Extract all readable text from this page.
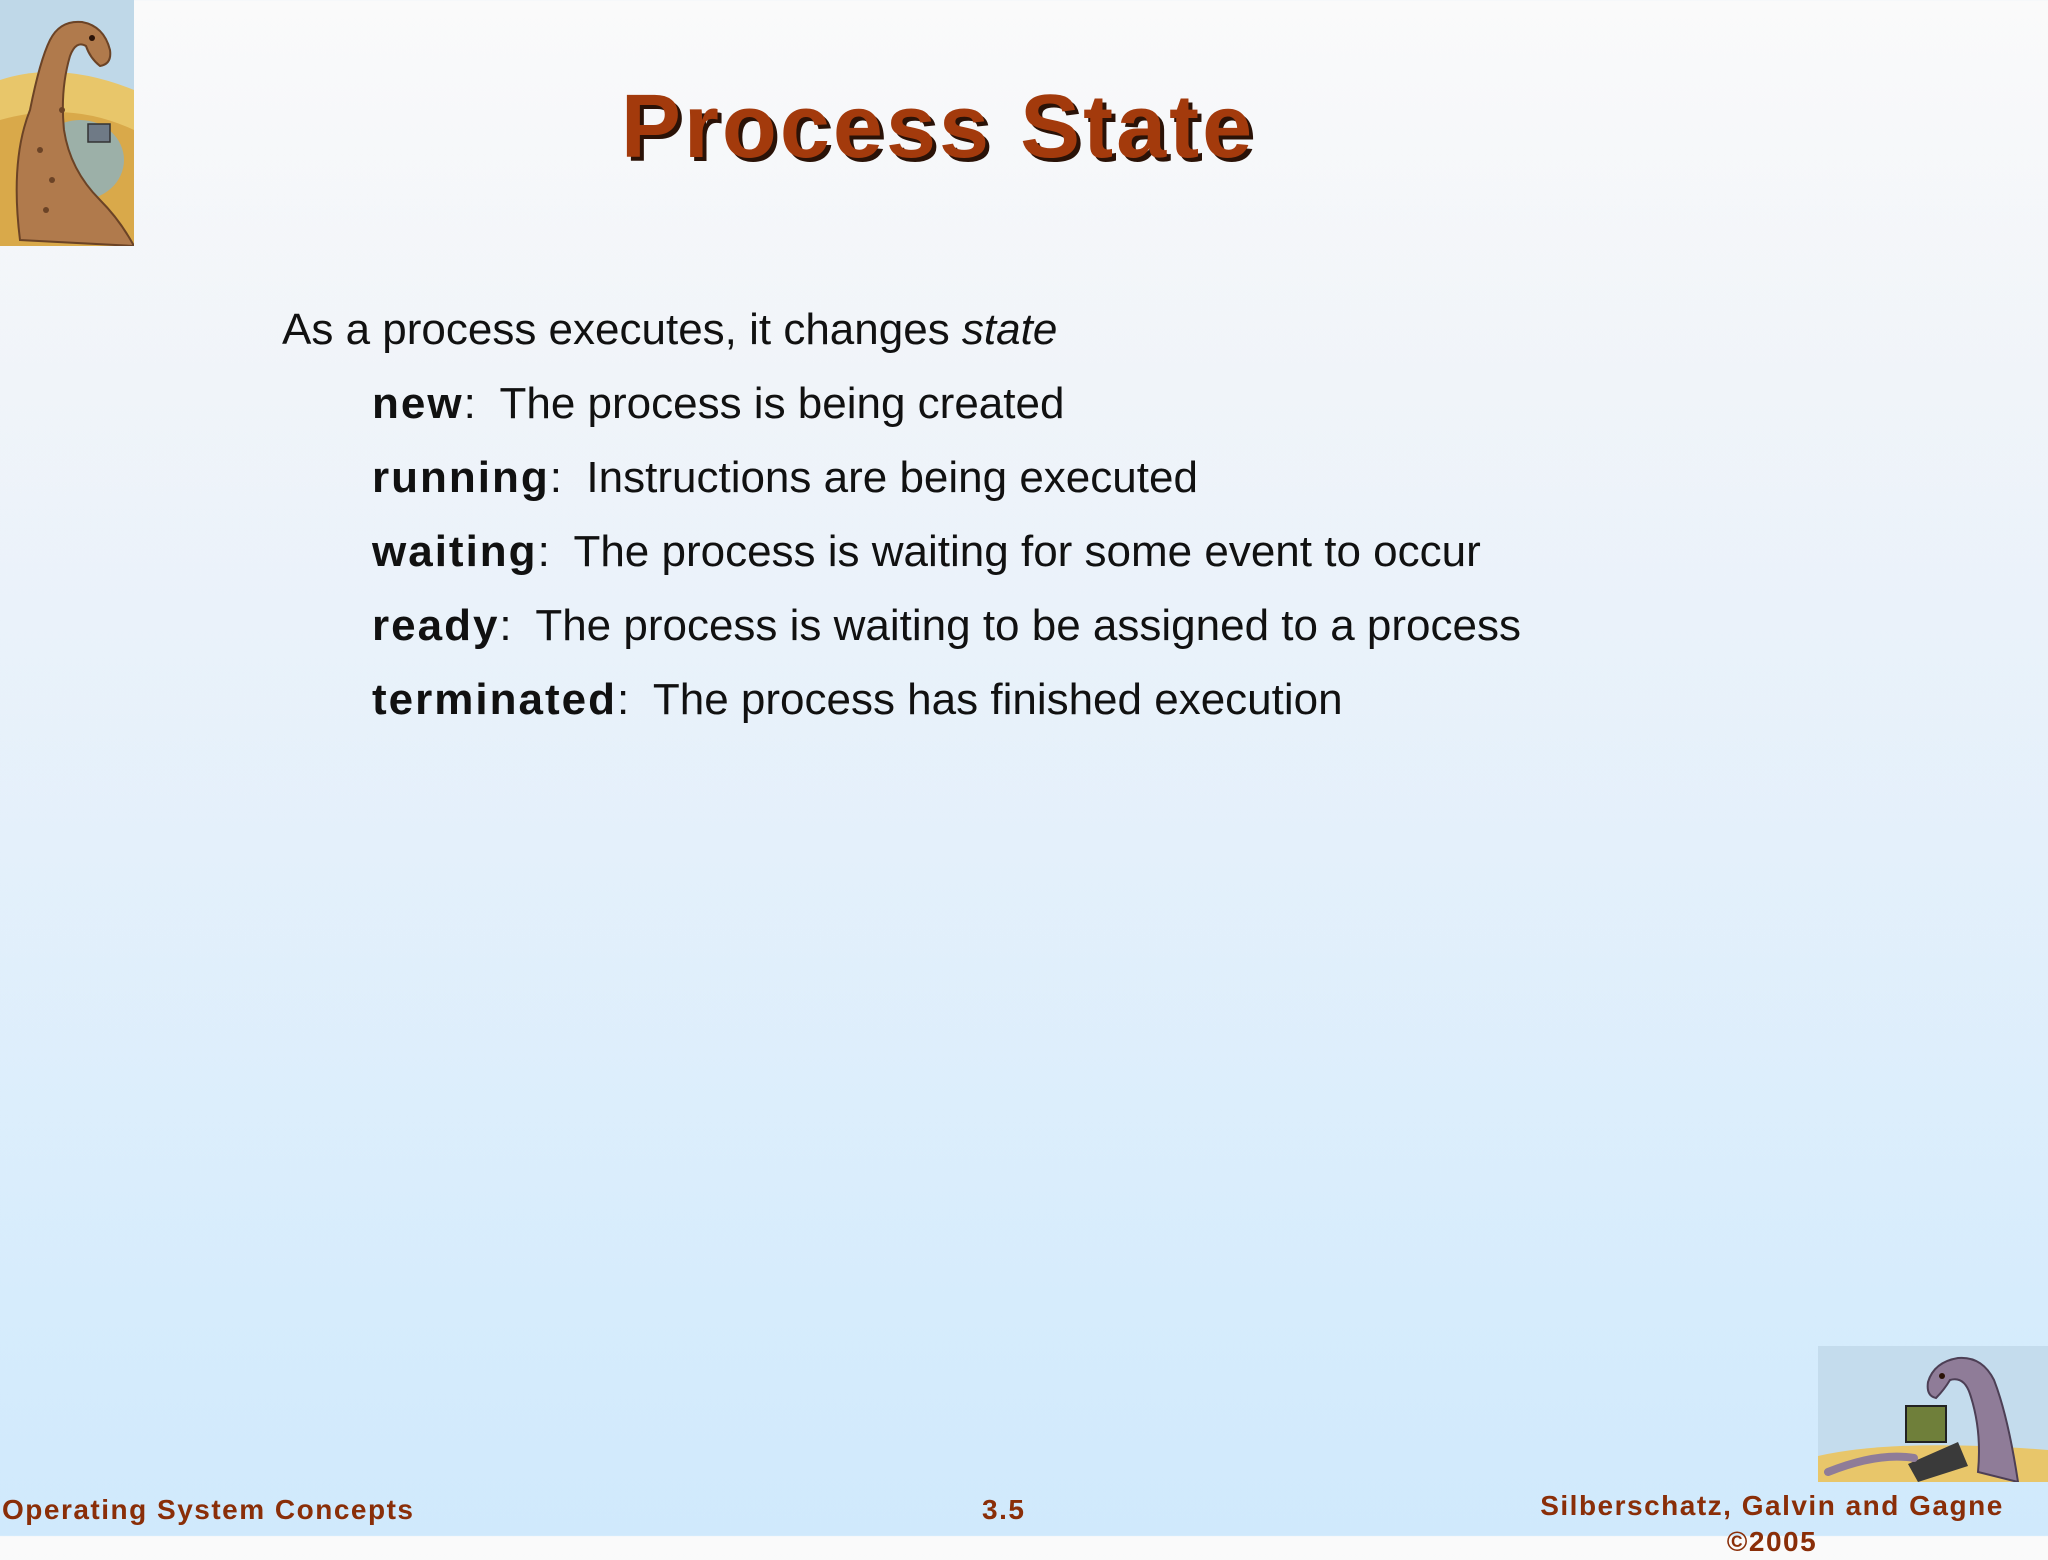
Process State
As a process executes, it changes state
new:  The process is being created
running:  Instructions are being executed
waiting:  The process is waiting for some event to occur
ready:  The process is waiting to be assigned to a process
terminated:  The process has finished execution
Operating System Concepts	3.5	Silberschatz, Galvin and Gagne
©2005
